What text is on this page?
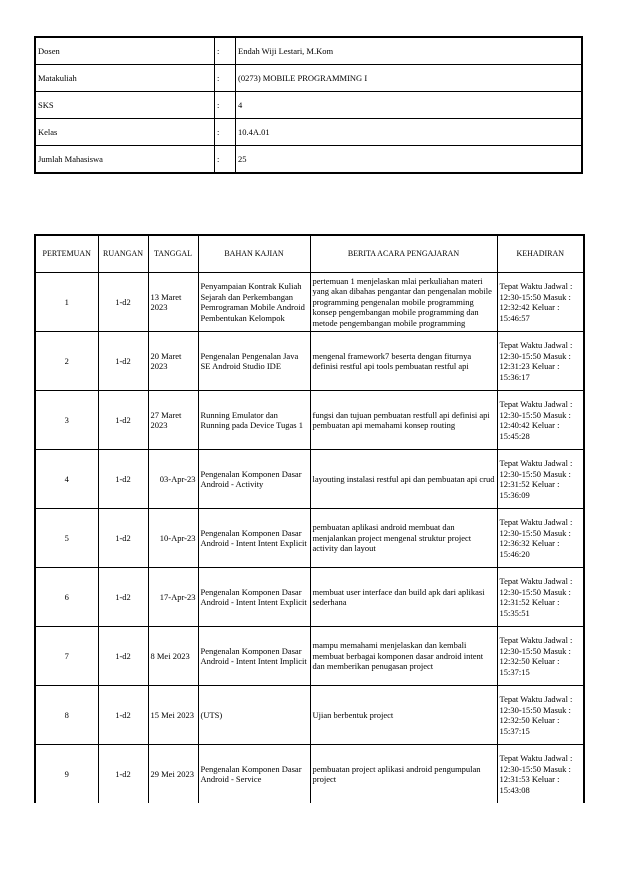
Dosen	:	Endah Wiji Lestari, M.Kom
Matakuliah	:	(0273) MOBILE PROGRAMMING I
SKS	:	4
Kelas	:	10.4A.01
Jumlah Mahasiswa	:	25
PERTEMUAN	RUANGAN	TANGGAL	BAHAN KAJIAN	BERITA ACARA PENGAJARAN	KEHADIRAN
1	1-d2	13 Maret 2023	Penyampaian Kontrak Kuliah Sejarah dan Perkembangan Pemrograman Mobile Android Pembentukan Kelompok	pertemuan 1 menjelaskan mlai perkuliahan materi yang akan dibahas pengantar dan pengenalan mobile programming pengenalan mobile programming konsep pengembangan mobile programming dan metode pengembangan mobile programming	Tepat Waktu Jadwal : 12:30-15:50 Masuk : 12:32:42 Keluar : 15:46:57
2	1-d2	20 Maret 2023	Pengenalan Pengenalan Java SE Android Studio IDE	mengenal framework7 beserta dengan fiturnya definisi restful api tools pembuatan restful api	Tepat Waktu Jadwal : 12:30-15:50 Masuk : 12:31:23 Keluar : 15:36:17
3	1-d2	27 Maret 2023	Running Emulator dan Running pada Device Tugas 1	fungsi dan tujuan pembuatan restfull api definisi api pembuatan api memahami konsep routing	Tepat Waktu Jadwal : 12:30-15:50 Masuk : 12:40:42 Keluar : 15:45:28
4	1-d2	03-Apr-23	Pengenalan Komponen Dasar Android - Activity	layouting instalasi restful api dan pembuatan api crud	Tepat Waktu Jadwal : 12:30-15:50 Masuk : 12:31:52 Keluar : 15:36:09
5	1-d2	10-Apr-23	Pengenalan Komponen Dasar Android - Intent Intent Explicit	pembuatan aplikasi android membuat dan menjalankan project mengenal struktur project activity dan layout	Tepat Waktu Jadwal : 12:30-15:50 Masuk : 12:36:32 Keluar : 15:46:20
6	1-d2	17-Apr-23	Pengenalan Komponen Dasar Android - Intent Intent Explicit	membuat user interface dan build apk dari aplikasi sederhana	Tepat Waktu Jadwal : 12:30-15:50 Masuk : 12:31:52 Keluar : 15:35:51
7	1-d2	8 Mei 2023	Pengenalan Komponen Dasar Android - Intent Intent Implicit	mampu memahami menjelaskan dan kembali membuat berbagai komponen dasar android intent dan memberikan penugasan project	Tepat Waktu Jadwal : 12:30-15:50 Masuk : 12:32:50 Keluar : 15:37:15
8	1-d2	15 Mei 2023	(UTS)	Ujian berbentuk project	Tepat Waktu Jadwal : 12:30-15:50 Masuk : 12:32:50 Keluar : 15:37:15
9	1-d2	29 Mei 2023	Pengenalan Komponen Dasar Android - Service	pembuatan project aplikasi android pengumpulan project	Tepat Waktu Jadwal : 12:30-15:50 Masuk : 12:31:53 Keluar : 15:43:08
